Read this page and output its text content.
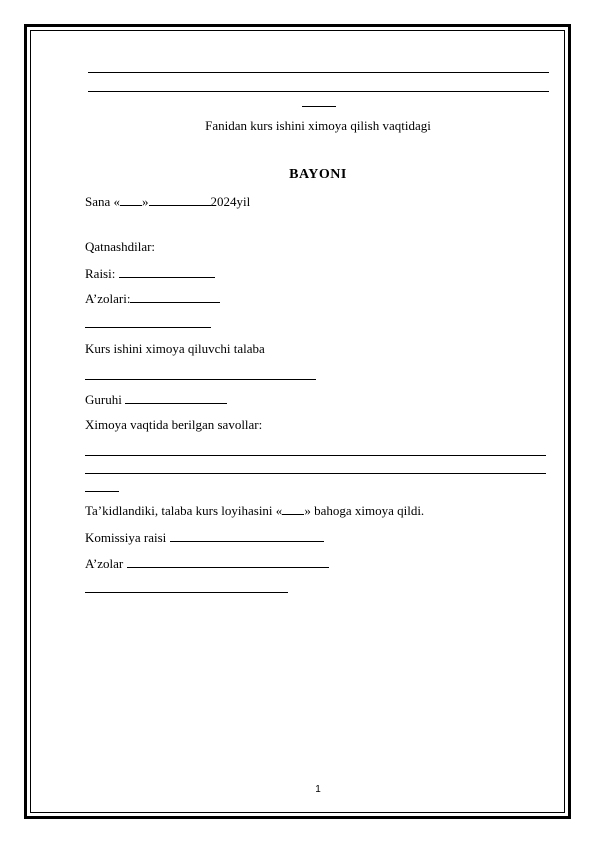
Fanidan kurs ishini ximoya qilish vaqtidagi
BAYONI
Sana « »	2024yil
Qatnashdilar:
Raisi:
A’zolari:
Kurs ishini ximoya qiluvchi talaba
Guruhi
Ximoya vaqtida berilgan savollar:
Ta’kidlandiki, talaba kurs loyihasini « » bahoga ximoya qildi.
Komissiya raisi
A’zolar
1
